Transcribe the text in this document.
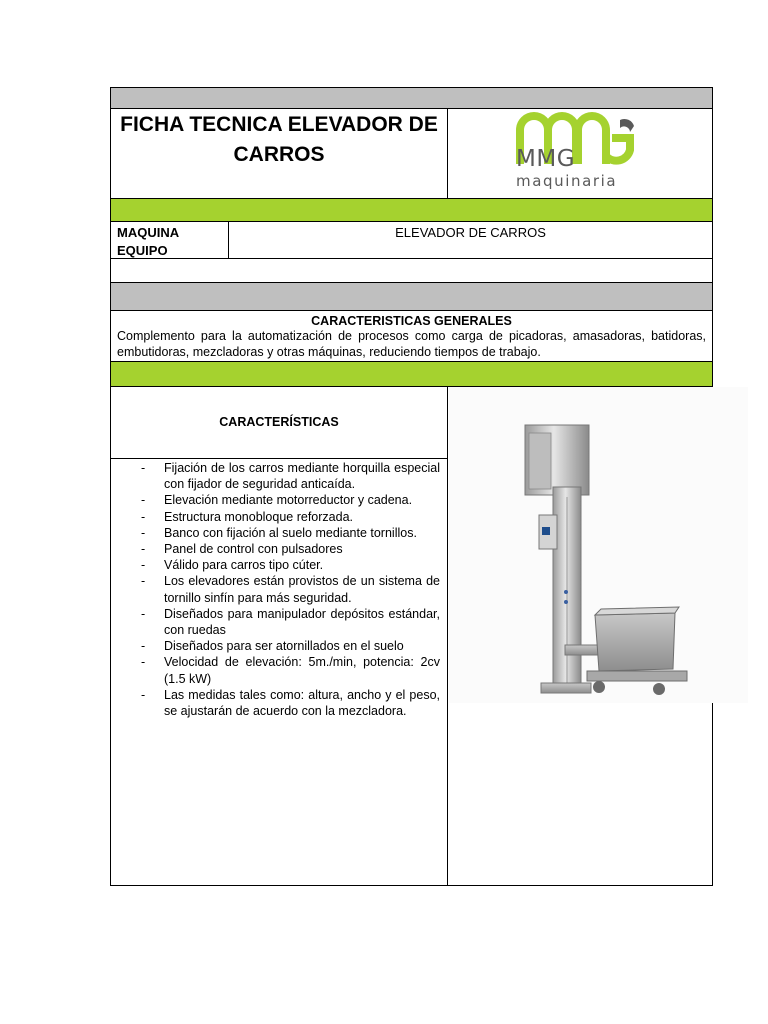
FICHA TECNICA ELEVADOR DE CARROS	MMG
maquinaria
MAQUINA EQUIPO
ELEVADOR DE CARROS
CARACTERISTICAS GENERALES
Complemento para la automatización de procesos como carga de picadoras, amasadoras, batidoras, embutidoras, mezcladoras y otras máquinas, reduciendo tiempos de trabajo.
CARACTERÍSTICAS
- Fijación de los carros mediante horquilla especial con fijador de seguridad anticaída.
- Elevación mediante motorreductor y cadena.
- Estructura monobloque reforzada.
- Banco con fijación al suelo mediante tornillos.
- Panel de control con pulsadores
- Válido para carros tipo cúter.
- Los elevadores están provistos de un sistema de tornillo sinfín para más seguridad.
- Diseñados para manipulador depósitos estándar, con ruedas
- Diseñados para ser atornillados en el suelo
- Velocidad de elevación: 5m./min, potencia: 2cv (1.5 kW)
- Las medidas tales como: altura, ancho y el peso, se ajustarán de acuerdo con la mezcladora.
